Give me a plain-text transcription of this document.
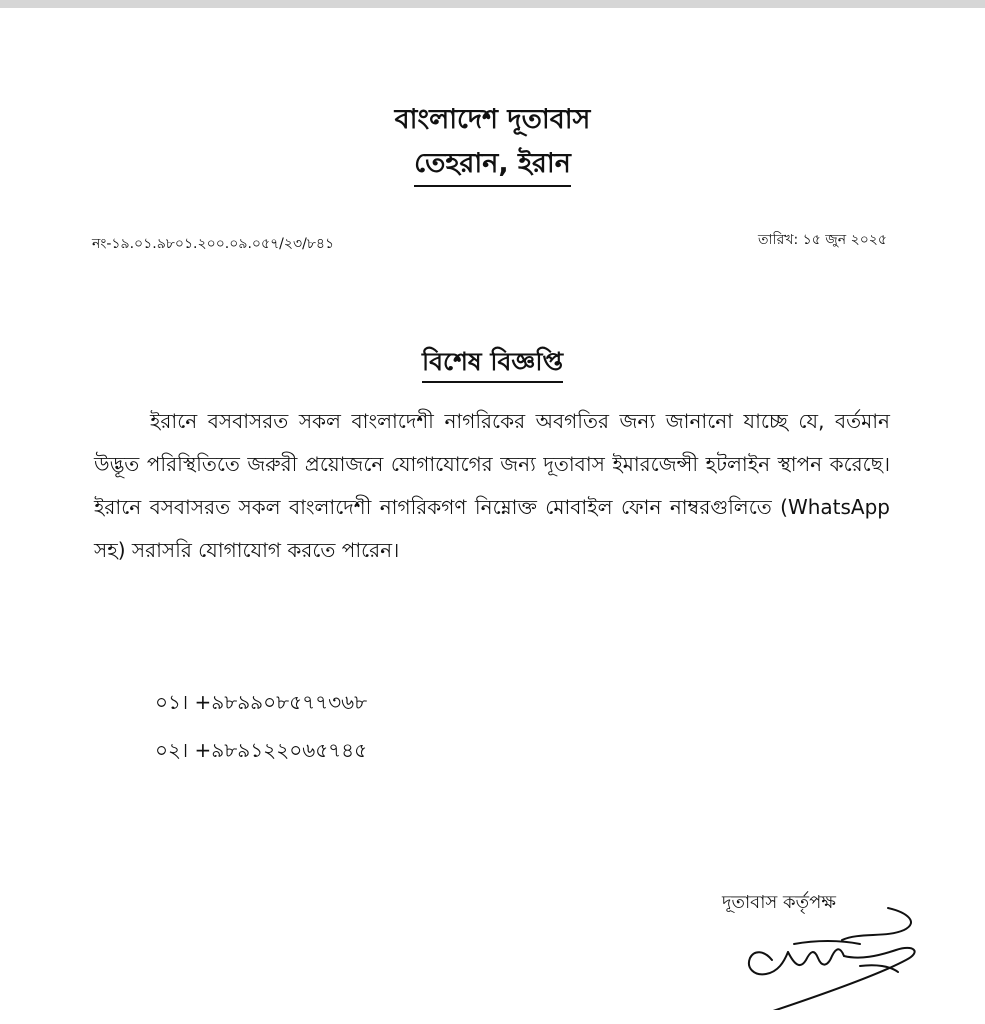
বাংলাদেশ দূতাবাস
তেহরান, ইরান
নং-১৯.০১.৯৮০১.২০০.০৯.০৫৭/২৩/৮৪১	তারিখ: ১৫ জুন ২০২৫
বিশেষ বিজ্ঞপ্তি

ইরানে বসবাসরত সকল বাংলাদেশী নাগরিকের অবগতির জন্য জানানো যাচ্ছে যে, বর্তমান উদ্ভূত পরিস্থিতিতে জরুরী প্রয়োজনে যোগাযোগের জন্য দূতাবাস ইমারজেন্সী হটলাইন স্থাপন করেছে। ইরানে বসবাসরত সকল বাংলাদেশী নাগরিকগণ নিম্নোক্ত মোবাইল ফোন নাম্বরগুলিতে (WhatsApp সহ) সরাসরি যোগাযোগ করতে পারেন।

০১। +৯৮৯৯০৮৫৭৭৩৬৮
০২। +৯৮৯১২২০৬৫৭৪৫
দূতাবাস কর্তৃপক্ষ
